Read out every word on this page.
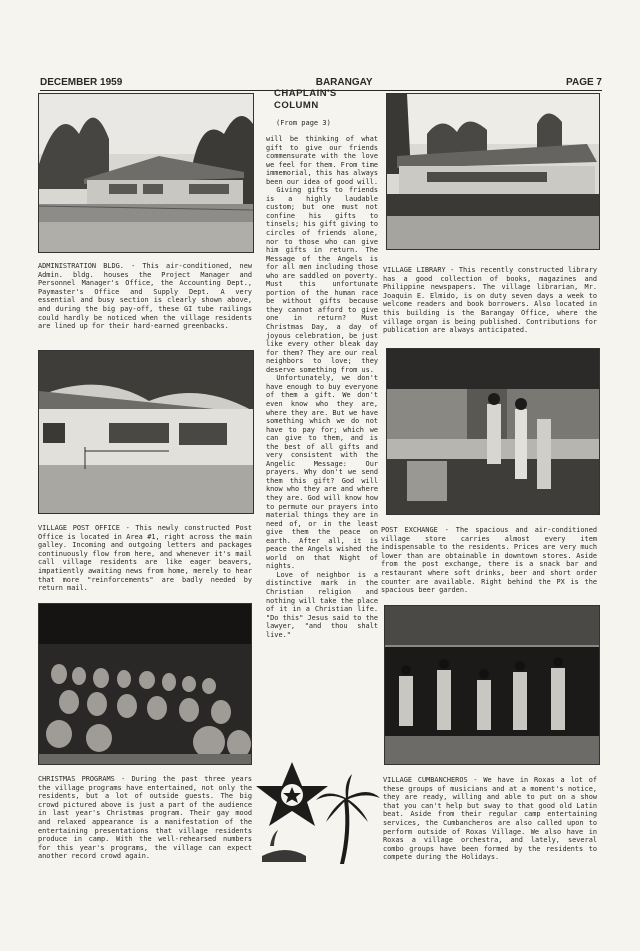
DECEMBER 1959	BARANGAY	PAGE 7

ADMINISTRATION BLDG. - This air-conditioned, new Admin. bldg. houses the Project Manager and Personnel Manager's Office, the Accounting Dept., Paymaster's Office and Supply Dept. A very essential and busy section is clearly shown above, and during the big pay-off, these GI tube railings could hardly be noticed when the village residents are lined up for their hard-earned greenbacks.

VILLAGE POST OFFICE - This newly constructed Post Office is located in Area #1, right across the main galley. Incoming and outgoing letters and packages continuously flow from here, and whenever it's mail call village residents are like eager beavers, impatiently awaiting news from home, merely to hear that more "reinforcements" are badly needed by return mail.

CHRISTMAS PROGRAMS - During the past three years the village programs have entertained, not only the residents, but a lot of outside guests. The big crowd pictured above is just a part of the audience in last year's Christmas program. Their gay mood and relaxed appearance is a manifestation of the entertaining presentations that village residents produce in camp. With the well-rehearsed numbers for this year's programs, the village can expect another record crowd again.

CHAPLAIN'S
COLUMN
(From page 3)

will be thinking of what gift to give our friends commensurate with the love we feel for them. From time immemorial, this has always been our idea of good will.

Giving gifts to friends is a highly laudable custom; but one must not confine his gifts to tinsels; his gift giving to circles of friends alone, nor to those who can give him gifts in return. The Message of the Angels is for all men including those who are saddled on poverty. Must this unfortunate portion of the human race be without gifts because they cannot afford to give one in return? Must Christmas Day, a day of joyous celebration, be just like every other bleak day for them? They are our real neighbors to love; they deserve something from us.

Unfortunately, we don't have enough to buy everyone of them a gift. We don't even know who they are, where they are. But we have something which we do not have to pay for; which we can give to them, and is the best of all gifts and very consistent with the Angelic Message: Our prayers. Why don't we send them this gift? God will know who they are and where they are. God will know how to permute our prayers into material things they are in need of, or in the least give them the peace on earth. After all, it is peace the Angels wished the world on that Night of nights.

Love of neighbor is a distinctive mark in the Christian religion and nothing will take the place of it in a Christian life. "Do this" Jesus said to the lawyer, "and thou shalt live."

VILLAGE LIBRARY - This recently constructed library has a good collection of books, magazines and Philippine newspapers. The village librarian, Mr. Joaquin E. Elmido, is on duty seven days a week to welcome readers and book borrowers. Also located in this building is the Barangay Office, where the village organ is being published. Contributions for publication are always anticipated.

POST EXCHANGE - The spacious and air-conditioned village store carries almost every item indispensable to the residents. Prices are very much lower than are obtainable in downtown stores. Aside from the post exchange, there is a snack bar and restaurant where soft drinks, beer and short order counter are available. Right behind the PX is the spacious beer garden.

VILLAGE CUMBANCHEROS - We have in Roxas a lot of these groups of musicians and at a moment's notice, they are ready, willing and able to put on a show that you can't help but sway to that good old Latin beat. Aside from their regular camp entertaining services, the Cumbancheros are also called upon to perform outside of Roxas Village. We also have in Roxas a village orchestra, and lately, several combo groups have been formed by the residents to compete during the Holidays.
